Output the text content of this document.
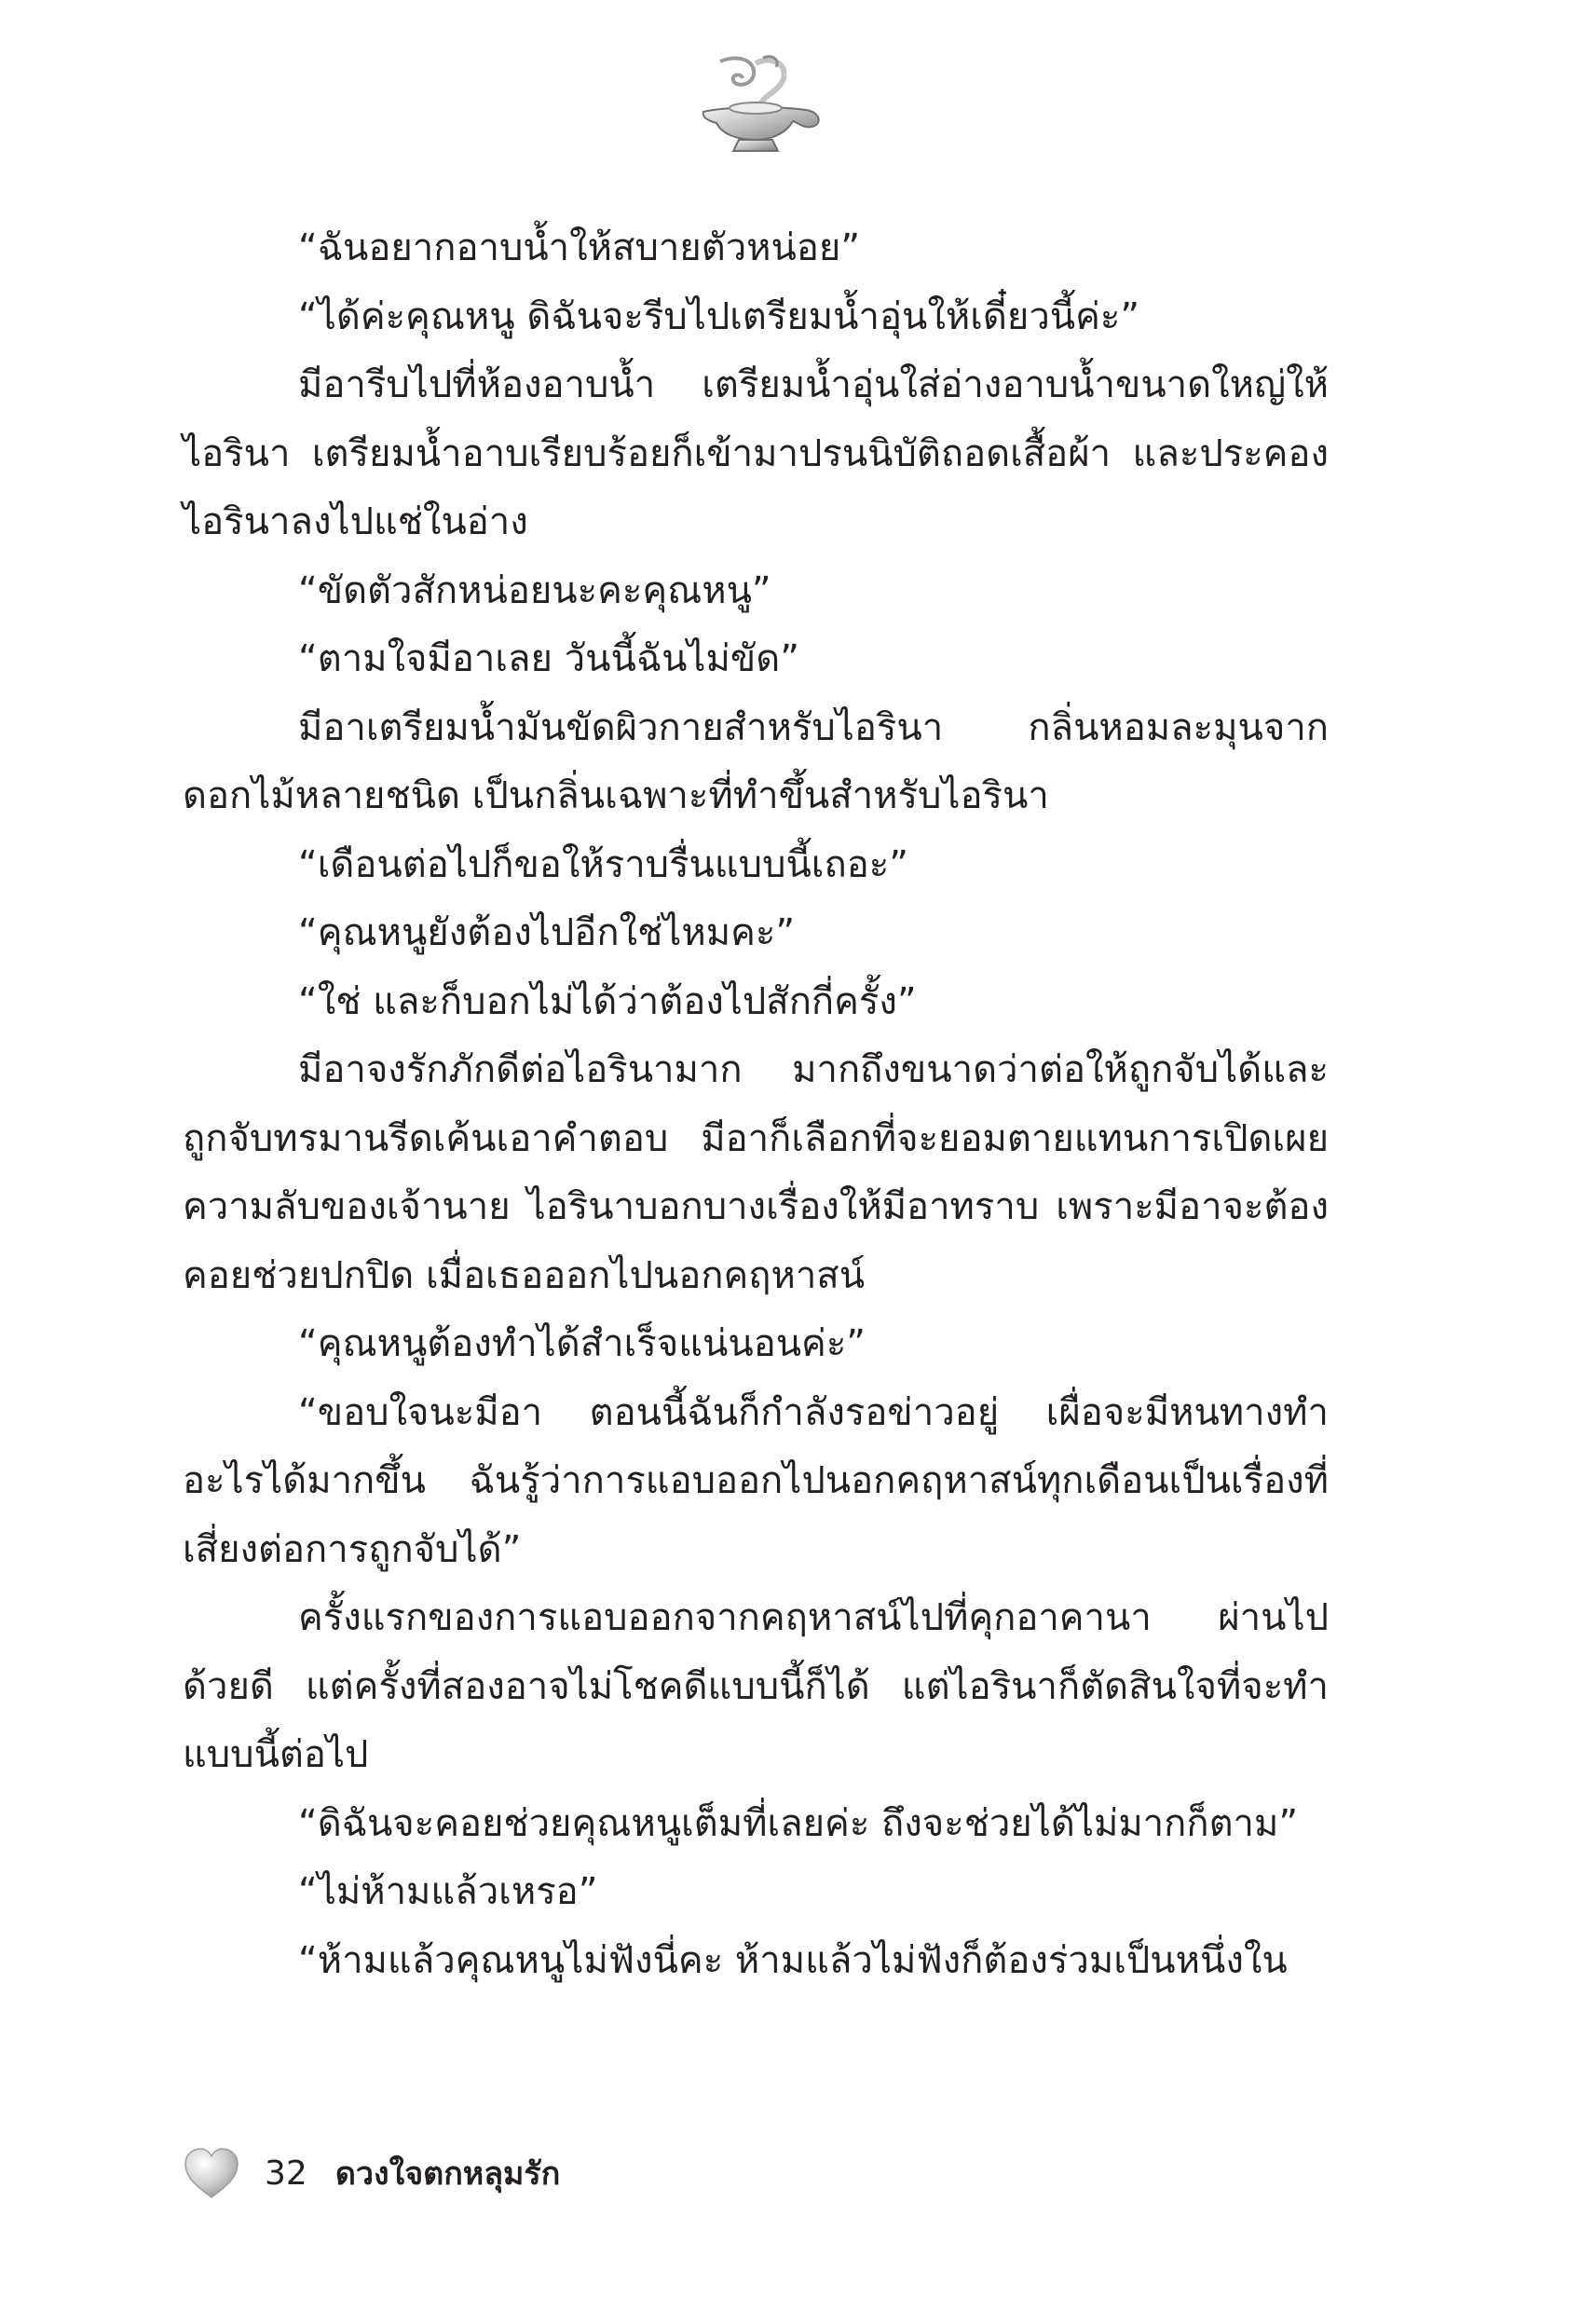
“ฉันอยากอาบน้ำให้สบายตัวหน่อย”

“ได้ค่ะคุณหนู ดิฉันจะรีบไปเตรียมน้ำอุ่นให้เดี๋ยวนี้ค่ะ”

มีอารีบไปที่ห้องอาบน้ำ เตรียมน้ำอุ่นใส่อ่างอาบน้ำขนาดใหญ่ให้ไอรินา เตรียมน้ำอาบเรียบร้อยก็เข้ามาปรนนิบัติถอดเสื้อผ้า และประคองไอรินาลงไปแช่ในอ่าง

“ขัดตัวสักหน่อยนะคะคุณหนู”

“ตามใจมีอาเลย วันนี้ฉันไม่ขัด”

มีอาเตรียมน้ำมันขัดผิวกายสำหรับไอรินา กลิ่นหอมละมุนจากดอกไม้หลายชนิด เป็นกลิ่นเฉพาะที่ทำขึ้นสำหรับไอรินา

“เดือนต่อไปก็ขอให้ราบรื่นแบบนี้เถอะ”

“คุณหนูยังต้องไปอีกใช่ไหมคะ”

“ใช่ และก็บอกไม่ได้ว่าต้องไปสักกี่ครั้ง”

มีอาจงรักภักดีต่อไอรินามาก มากถึงขนาดว่าต่อให้ถูกจับได้และถูกจับทรมานรีดเค้นเอาคำตอบ มีอาก็เลือกที่จะยอมตายแทนการเปิดเผยความลับของเจ้านาย ไอรินาบอกบางเรื่องให้มีอาทราบ เพราะมีอาจะต้องคอยช่วยปกปิด เมื่อเธอออกไปนอกคฤหาสน์

“คุณหนูต้องทำได้สำเร็จแน่นอนค่ะ”

“ขอบใจนะมีอา ตอนนี้ฉันก็กำลังรอข่าวอยู่ เผื่อจะมีหนทางทำอะไรได้มากขึ้น ฉันรู้ว่าการแอบออกไปนอกคฤหาสน์ทุกเดือนเป็นเรื่องที่เสี่ยงต่อการถูกจับได้”

ครั้งแรกของการแอบออกจากคฤหาสน์ไปที่คุกอาคานา ผ่านไปด้วยดี แต่ครั้งที่สองอาจไม่โชคดีแบบนี้ก็ได้ แต่ไอรินาก็ตัดสินใจที่จะทำแบบนี้ต่อไป

“ดิฉันจะคอยช่วยคุณหนูเต็มที่เลยค่ะ ถึงจะช่วยได้ไม่มากก็ตาม”

“ไม่ห้ามแล้วเหรอ”

“ห้ามแล้วคุณหนูไม่ฟังนี่คะ ห้ามแล้วไม่ฟังก็ต้องร่วมเป็นหนึ่งใน

32 ดวงใจตกหลุมรัก
